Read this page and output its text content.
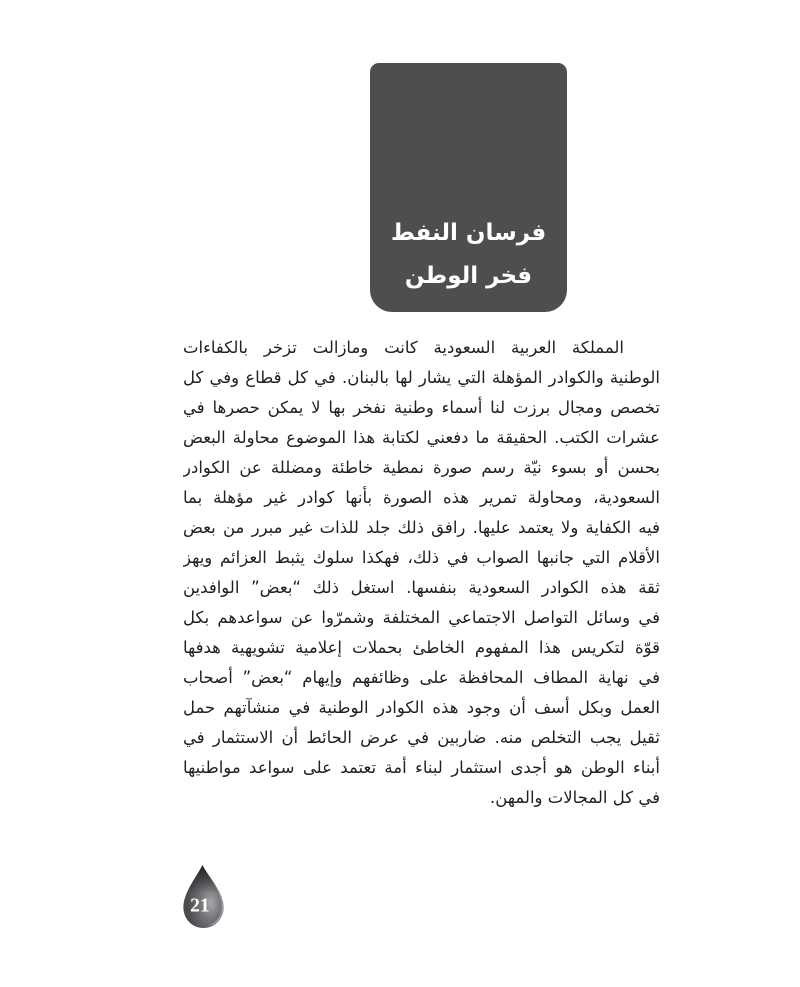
فرسان النفط
فخر الوطن
المملكة العربية السعودية كانت ومازالت تزخر بالكفاءات
الوطنية والكوادر المؤهلة التي يشار لها بالبنان. في كل قطاع وفي كل
تخصص ومجال برزت لنا أسماء وطنية نفخر بها لا يمكن حصرها في
عشرات الكتب. الحقيقة ما دفعني لكتابة هذا الموضوع محاولة البعض
بحسن أو بسوء نيّة رسم صورة نمطية خاطئة ومضللة عن الكوادر
السعودية، ومحاولة تمرير هذه الصورة بأنها كوادر غير مؤهلة بما
فيه الكفاية ولا يعتمد عليها. رافق ذلك جلد للذات غير مبرر من بعض
الأقلام التي جانبها الصواب في ذلك، فهكذا سلوك يثبط العزائم ويهز
ثقة هذه الكوادر السعودية بنفسها. استغل ذلك “بعض” الوافدين
في وسائل التواصل الاجتماعي المختلفة وشمرّوا عن سواعدهم بكل
قوّة لتكريس هذا المفهوم الخاطئ بحملات إعلامية تشويهية هدفها
في نهاية المطاف المحافظة على وظائفهم وإيهام “بعض” أصحاب
العمل وبكل أسف أن وجود هذه الكوادر الوطنية في منشآتهم حمل
ثقيل يجب التخلص منه. ضاربين في عرض الحائط أن الاستثمار في
أبناء الوطن هو أجدى استثمار لبناء أمة تعتمد على سواعد مواطنيها
في كل المجالات والمهن.
21
